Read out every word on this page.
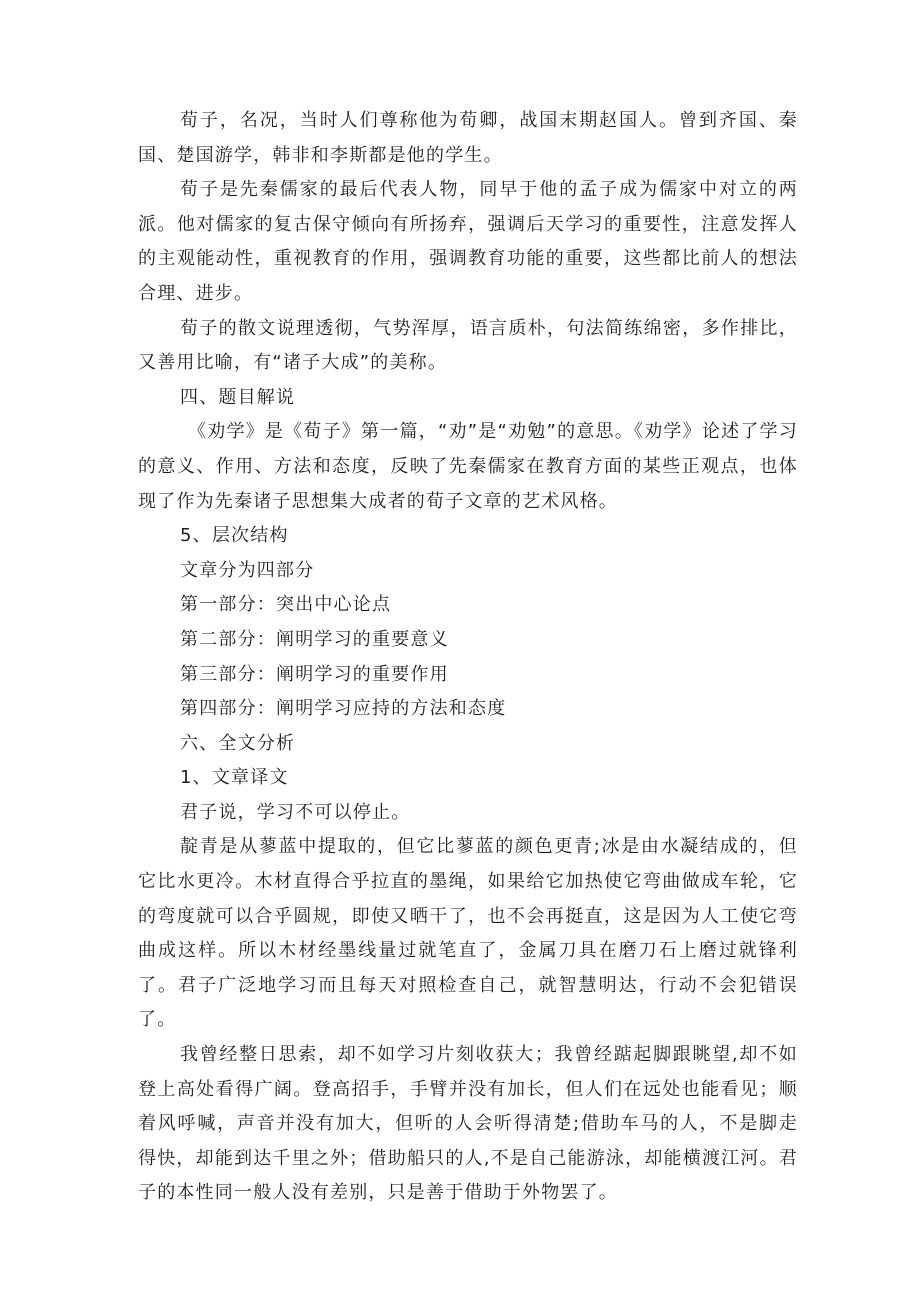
荀子，名况，当时人们尊称他为荀卿，战国末期赵国人。曾到齐国、秦国、楚国游学，韩非和李斯都是他的学生。

荀子是先秦儒家的最后代表人物，同早于他的孟子成为儒家中对立的两派。他对儒家的复古保守倾向有所扬弃，强调后天学习的重要性，注意发挥人的主观能动性，重视教育的作用，强调教育功能的重要，这些都比前人的想法合理、进步。

荀子的散文说理透彻，气势浑厚，语言质朴，句法简练绵密，多作排比，又善用比喻，有“诸子大成”的美称。

四、题目解说

《劝学》是《荀子》第一篇，“劝”是“劝勉”的意思。《劝学》论述了学习的意义、作用、方法和态度，反映了先秦儒家在教育方面的某些正观点，也体现了作为先秦诸子思想集大成者的荀子文章的艺术风格。

5、层次结构

文章分为四部分

第一部分：突出中心论点

第二部分：阐明学习的重要意义

第三部分：阐明学习的重要作用

第四部分：阐明学习应持的方法和态度

六、全文分析

1、文章译文

君子说，学习不可以停止。

靛青是从蓼蓝中提取的，但它比蓼蓝的颜色更青;冰是由水凝结成的，但它比水更冷。木材直得合乎拉直的墨绳，如果给它加热使它弯曲做成车轮，它的弯度就可以合乎圆规，即使又晒干了，也不会再挺直，这是因为人工使它弯曲成这样。所以木材经墨线量过就笔直了，金属刀具在磨刀石上磨过就锋利了。君子广泛地学习而且每天对照检查自己，就智慧明达，行动不会犯错误了。

我曾经整日思索，却不如学习片刻收获大；我曾经踮起脚跟眺望,却不如登上高处看得广阔。登高招手，手臂并没有加长，但人们在远处也能看见；顺着风呼喊，声音并没有加大，但听的人会听得清楚;借助车马的人，不是脚走得快，却能到达千里之外；借助船只的人,不是自己能游泳，却能横渡江河。君子的本性同一般人没有差别，只是善于借助于外物罢了。
